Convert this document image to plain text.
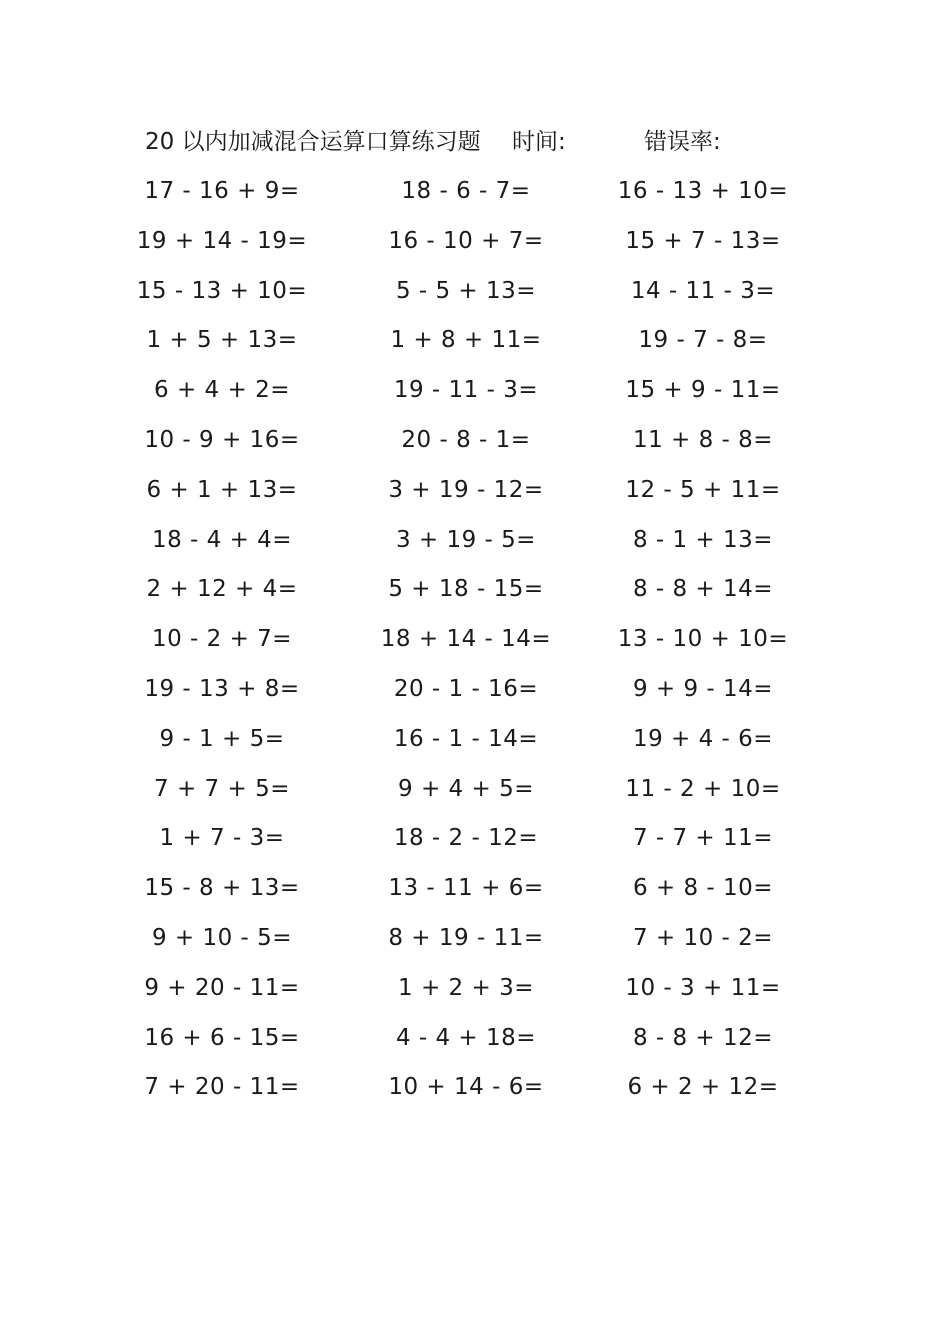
20 以内加减混合运算口算练习题 时间:	错误率:
17 - 16 + 9=	18 - 6 - 7=	16 - 13 + 10=
19 + 14 - 19=	16 - 10 + 7=	15 + 7 - 13=
15 - 13 + 10=	5 - 5 + 13=	14 - 11 - 3=
1 + 5 + 13=	1 + 8 + 11=	19 - 7 - 8=
6 + 4 + 2=	19 - 11 - 3=	15 + 9 - 11=
10 - 9 + 16=	20 - 8 - 1=	11 + 8 - 8=
6 + 1 + 13=	3 + 19 - 12=	12 - 5 + 11=
18 - 4 + 4=	3 + 19 - 5=	8 - 1 + 13=
2 + 12 + 4=	5 + 18 - 15=	8 - 8 + 14=
10 - 2 + 7=	18 + 14 - 14=	13 - 10 + 10=
19 - 13 + 8=	20 - 1 - 16=	9 + 9 - 14=
9 - 1 + 5=	16 - 1 - 14=	19 + 4 - 6=
7 + 7 + 5=	9 + 4 + 5=	11 - 2 + 10=
1 + 7 - 3=	18 - 2 - 12=	7 - 7 + 11=
15 - 8 + 13=	13 - 11 + 6=	6 + 8 - 10=
9 + 10 - 5=	8 + 19 - 11=	7 + 10 - 2=
9 + 20 - 11=	1 + 2 + 3=	10 - 3 + 11=
16 + 6 - 15=	4 - 4 + 18=	8 - 8 + 12=
7 + 20 - 11=	10 + 14 - 6=	6 + 2 + 12=
